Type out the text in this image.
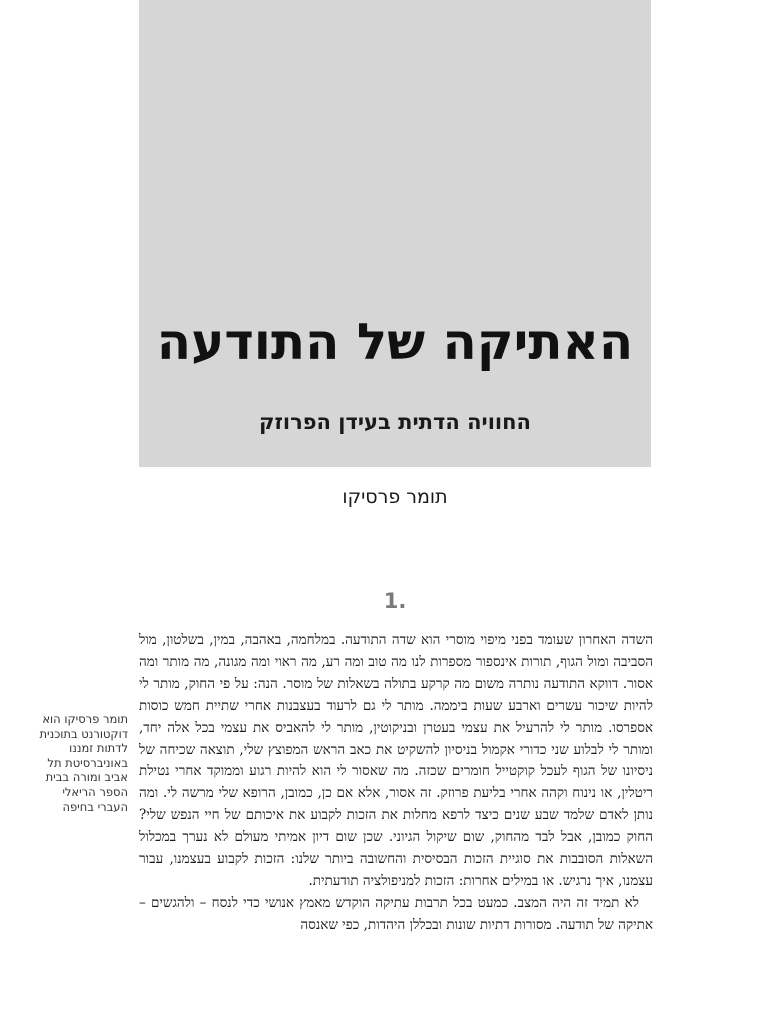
האתיקה של התודעה
החוויה הדתית בעידן הפרוזק
תומר פרסיקו
.1

השדה האחרון שעומד בפני מיפוי מוסרי הוא שדה התודעה. במלחמה, באהבה, במין, בשלטון, מול הסביבה ומול הגוף, תורות אינספור מספרות לנו מה טוב ומה רע, מה ראוי ומה מגונה, מה מותר ומה אסור. דווקא התודעה נותרה משום מה קרקע בתולה בשאלות של מוסר. הנה: על פי החוק, מותר לי להיות שיכור עשרים וארבע שעות ביממה. מותר לי גם לרעוד בעצבנות אחרי שתיית חמש כוסות אספרסו. מותר לי להרעיל את עצמי בעטרן ובניקוטין, מותר לי להאביס את עצמי בכל אלה יחד, ומותר לי לבלוע שני כדורי אקמול בניסיון להשקיט את כאב הראש המפוצץ שלי, תוצאה שכיחה של ניסיונו של הגוף לעכל קוקטייל חומרים שכזה. מה שאסור לי הוא להיות רגוע וממוקד אחרי נטילת ריטלין, או נינוח וקהה אחרי בליעת פרוזק. זה אסור, אלא אם כן, כמובן, הרופא שלי מרשה לי. ומה נותן לאדם שלמד שבע שנים כיצד לרפא מחלות את הזכות לקבוע את איכותם של חיי הנפש שלי? החוק כמובן, אבל לבד מהחוק, שום שיקול הגיוני. שכן שום דיון אמיתי מעולם לא נערך במכלול השאלות הסובבות את סוגיית הזכות הבסיסית והחשובה ביותר שלנו: הזכות לקבוע בעצמנו, עבור עצמנו, איך נרגיש. או במילים אחרות: הזכות למניפולציה תודעתית.

לא תמיד זה היה המצב. כמעט בכל תרבות עתיקה הוקדש מאמץ אנושי כדי לנסח – ולהגשים – אתיקה של תודעה. מסורות דתיות שונות ובכללן היהדות, כפי שאנסה

תומר פרסיקו הוא דוקטורנט בתוכנית לדתות זמננו באוניברסיטת תל אביב ומורה בבית הספר הריאלי העברי בחיפה
